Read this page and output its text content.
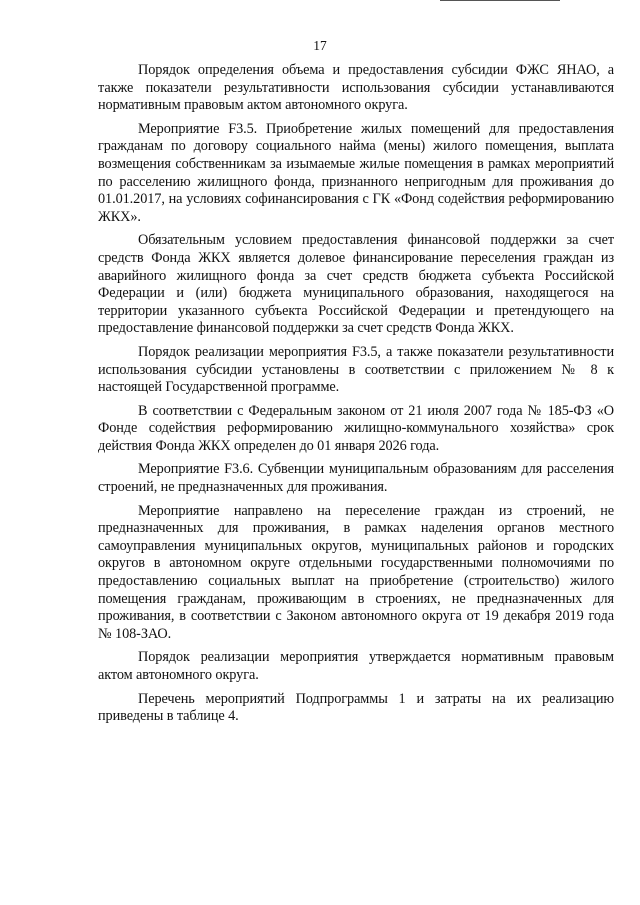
17

Порядок определения объема и предоставления субсидии ФЖС ЯНАО, а также показатели результативности использования субсидии устанавливаются нормативным правовым актом автономного округа.

Мероприятие F3.5. Приобретение жилых помещений для предоставления гражданам по договору социального найма (мены) жилого помещения, выплата возмещения собственникам за изымаемые жилые помещения в рамках мероприятий по расселению жилищного фонда, признанного непригодным для проживания до 01.01.2017, на условиях софинансирования с ГК «Фонд содействия реформированию ЖКХ».

Обязательным условием предоставления финансовой поддержки за счет средств Фонда ЖКХ является долевое финансирование переселения граждан из аварийного жилищного фонда за счет средств бюджета субъекта Российской Федерации и (или) бюджета муниципального образования, находящегося на территории указанного субъекта Российской Федерации и претендующего на предоставление финансовой поддержки за счет средств Фонда ЖКХ.

Порядок реализации мероприятия F3.5, а также показатели результативности использования субсидии установлены в соответствии с приложением № 8 к настоящей Государственной программе.

В соответствии с Федеральным законом от 21 июля 2007 года № 185-ФЗ «О Фонде содействия реформированию жилищно-коммунального хозяйства» срок действия Фонда ЖКХ определен до 01 января 2026 года.

Мероприятие F3.6. Субвенции муниципальным образованиям для расселения строений, не предназначенных для проживания.

Мероприятие направлено на переселение граждан из строений, не предназначенных для проживания, в рамках наделения органов местного самоуправления муниципальных округов, муниципальных районов и городских округов в автономном округе отдельными государственными полномочиями по предоставлению социальных выплат на приобретение (строительство) жилого помещения гражданам, проживающим в строениях, не предназначенных для проживания, в соответствии с Законом автономного округа от 19 декабря 2019 года № 108-ЗАО.

Порядок реализации мероприятия утверждается нормативным правовым актом автономного округа.

Перечень мероприятий Подпрограммы 1 и затраты на их реализацию приведены в таблице 4.
